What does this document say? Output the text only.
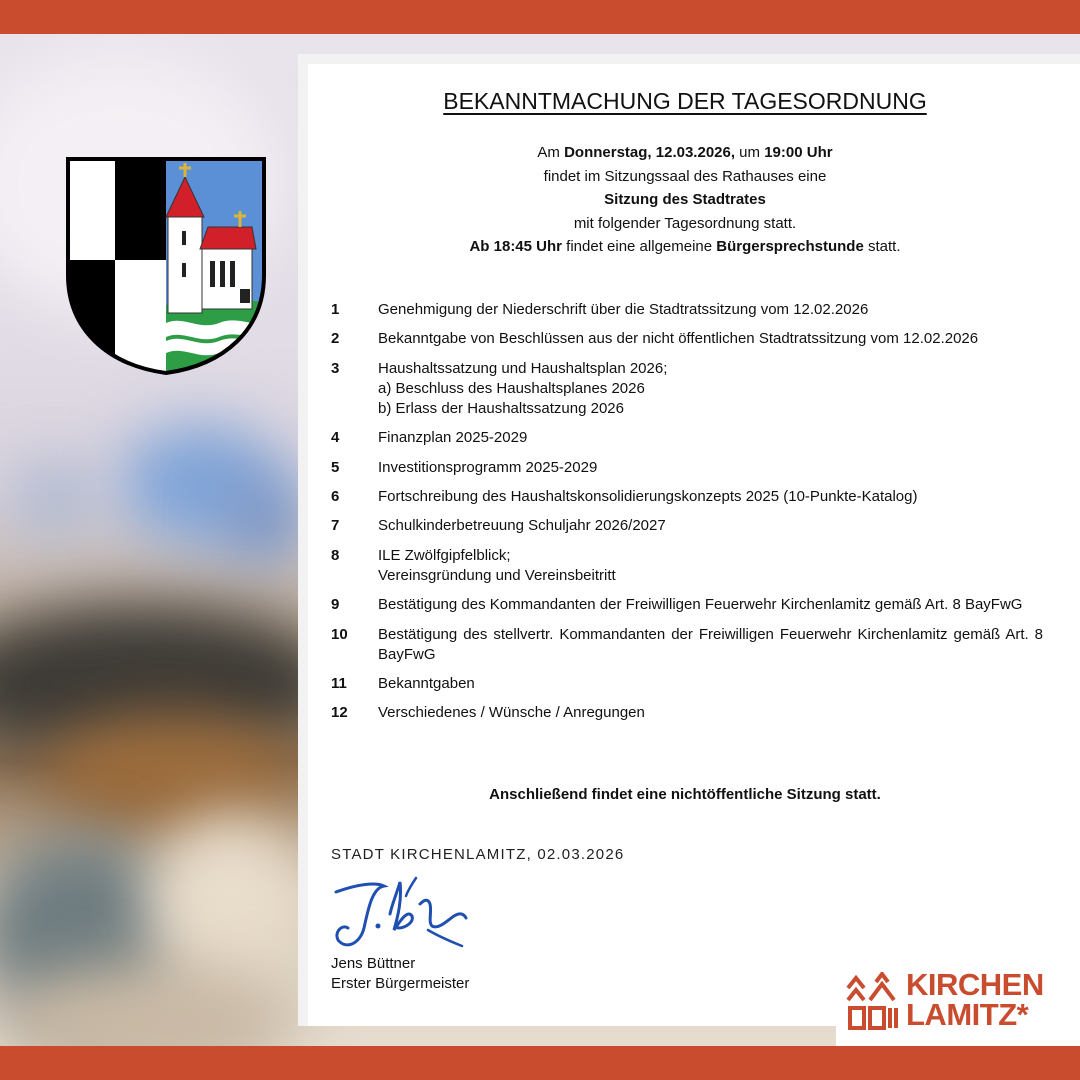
BEKANNTMACHUNG DER TAGESORDNUNG
Am Donnerstag, 12.03.2026, um 19:00 Uhr
findet im Sitzungssaal des Rathauses eine
Sitzung des Stadtrates
mit folgender Tagesordnung statt.
Ab 18:45 Uhr findet eine allgemeine Bürgersprechstunde statt.
1	Genehmigung der Niederschrift über die Stadtratssitzung vom 12.02.2026
2	Bekanntgabe von Beschlüssen aus der nicht öffentlichen Stadtratssitzung vom 12.02.2026
3	Haushaltssatzung und Haushaltsplan 2026;
a) Beschluss des Haushaltsplanes 2026
b) Erlass der Haushaltssatzung 2026
4	Finanzplan 2025-2029
5	Investitionsprogramm 2025-2029
6	Fortschreibung des Haushaltskonsolidierungskonzepts 2025 (10-Punkte-Katalog)
7	Schulkinderbetreuung Schuljahr 2026/2027
8	ILE Zwölfgipfelblick;
Vereinsgründung und Vereinsbeitritt
9	Bestätigung des Kommandanten der Freiwilligen Feuerwehr Kirchenlamitz gemäß Art. 8 BayFwG
10	Bestätigung des stellvertr. Kommandanten der Freiwilligen Feuerwehr Kirchenlamitz gemäß Art. 8 BayFwG
11	Bekanntgaben
12	Verschiedenes / Wünsche / Anregungen
Anschließend findet eine nichtöffentliche Sitzung statt.
STADT KIRCHENLAMITZ, 02.03.2026
Jens Büttner
Erster Bürgermeister	KIRCHEN
LAMITZ*
